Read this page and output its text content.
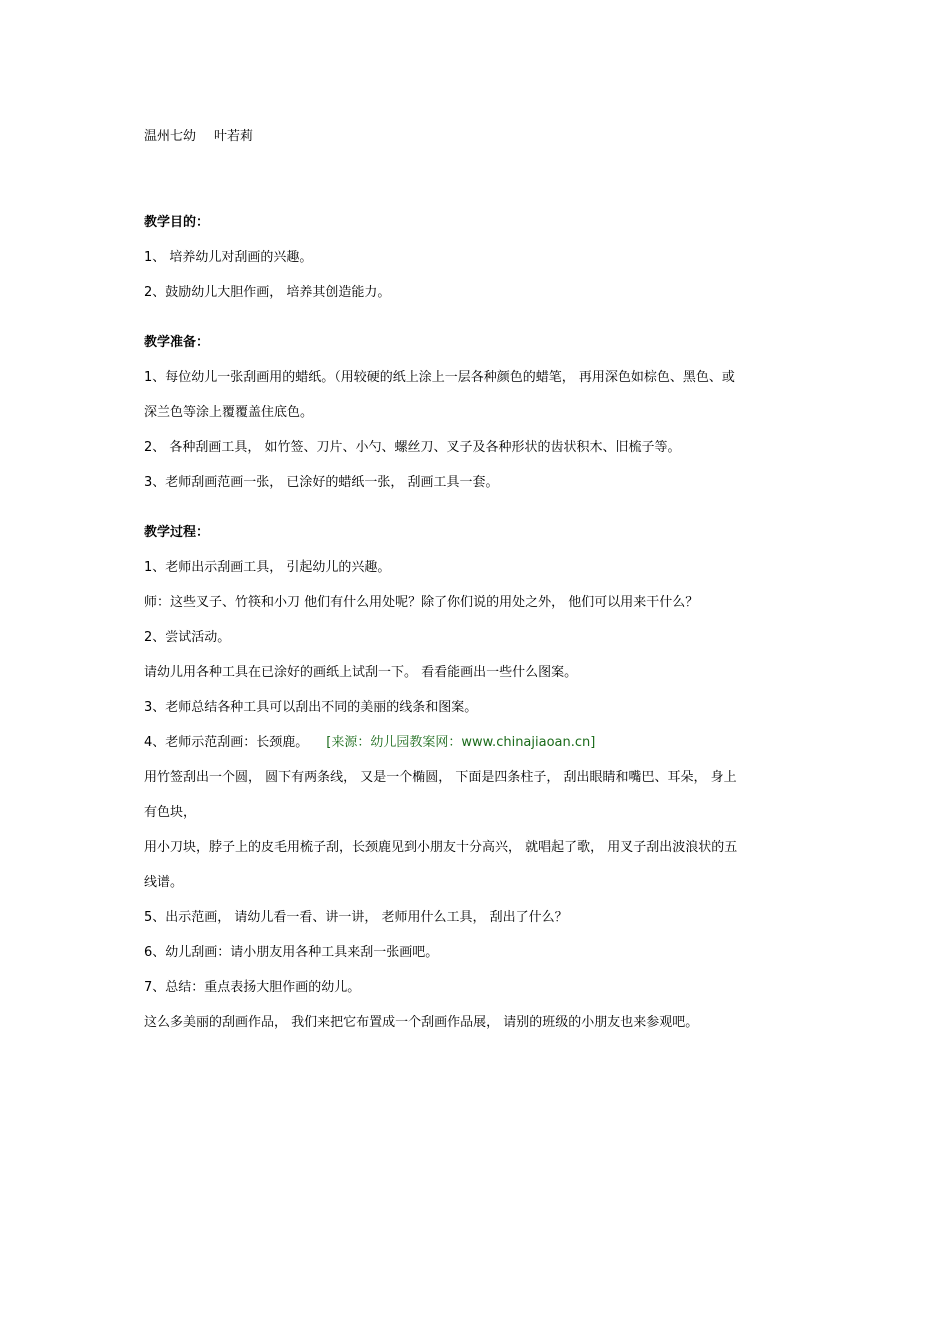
温州七幼 叶若莉
教学目的：
1、 培养幼儿对刮画的兴趣。
2、鼓励幼儿大胆作画， 培养其创造能力。
教学准备：
1、每位幼儿一张刮画用的蜡纸。（用较硬的纸上涂上一层各种颜色的蜡笔， 再用深色如棕色、黑色、或
深兰色等涂上覆覆盖住底色。
2、 各种刮画工具， 如竹签、刀片、小勺、螺丝刀、叉子及各种形状的齿状积木、旧梳子等。
3、老师刮画范画一张， 已涂好的蜡纸一张， 刮画工具一套。
教学过程：
1、老师出示刮画工具， 引起幼儿的兴趣。
师：这些叉子、竹筷和小刀 他们有什么用处呢？除了你们说的用处之外， 他们可以用来干什么？
2、尝试活动。
请幼儿用各种工具在已涂好的画纸上试刮一下。 看看能画出一些什么图案。
3、老师总结各种工具可以刮出不同的美丽的线条和图案。
4、老师示范刮画：长颈鹿。 [来源：幼儿园教案网：www.chinajiaoan.cn]
用竹签刮出一个圆， 圆下有两条线， 又是一个椭圆， 下面是四条柱子， 刮出眼睛和嘴巴、耳朵， 身上
有色块，
用小刀块，脖子上的皮毛用梳子刮，长颈鹿见到小朋友十分高兴， 就唱起了歌， 用叉子刮出波浪状的五
线谱。
5、出示范画， 请幼儿看一看、讲一讲， 老师用什么工具， 刮出了什么？
6、幼儿刮画：请小朋友用各种工具来刮一张画吧。
7、总结：重点表扬大胆作画的幼儿。
这么多美丽的刮画作品， 我们来把它布置成一个刮画作品展， 请别的班级的小朋友也来参观吧。
